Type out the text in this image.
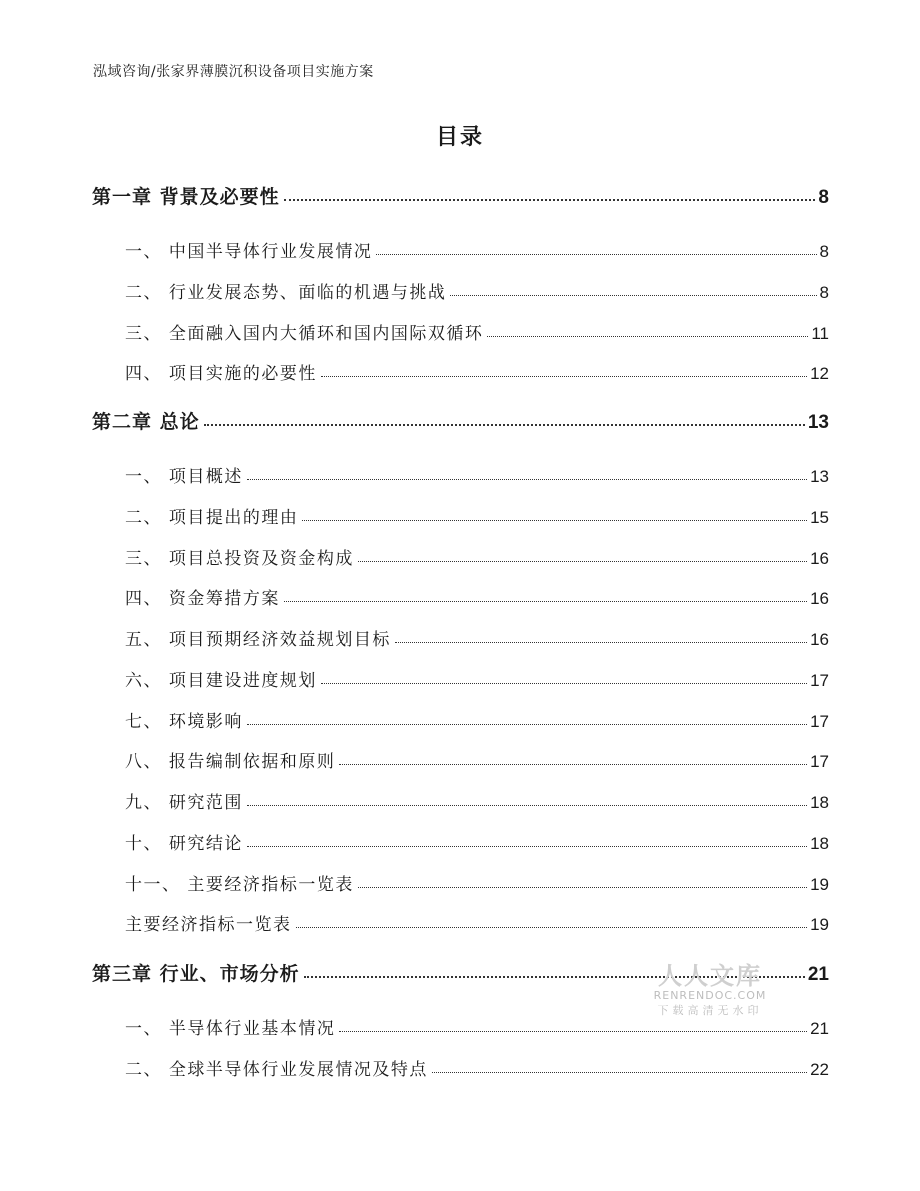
泓域咨询/张家界薄膜沉积设备项目实施方案
目录
第一章 背景及必要性	8
一、 中国半导体行业发展情况	8
二、 行业发展态势、面临的机遇与挑战	8
三、 全面融入国内大循环和国内国际双循环	11
四、 项目实施的必要性	12
第二章 总论	13
一、 项目概述	13
二、 项目提出的理由	15
三、 项目总投资及资金构成	16
四、 资金筹措方案	16
五、 项目预期经济效益规划目标	16
六、 项目建设进度规划	17
七、 环境影响	17
八、 报告编制依据和原则	17
九、 研究范围	18
十、 研究结论	18
十一、 主要经济指标一览表	19
主要经济指标一览表	19
第三章 行业、市场分析	21
一、 半导体行业基本情况	21
二、 全球半导体行业发展情况及特点	22
人人文库
RENRENDOC.COM
下载高清无水印
